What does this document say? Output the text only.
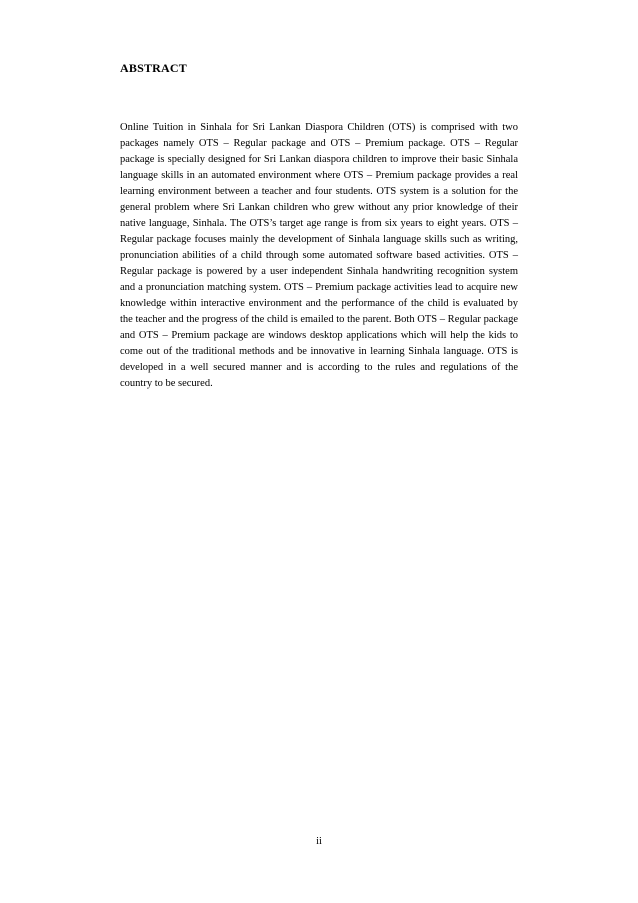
ABSTRACT

Online Tuition in Sinhala for Sri Lankan Diaspora Children (OTS) is comprised with two packages namely OTS – Regular package and OTS – Premium package. OTS – Regular package is specially designed for Sri Lankan diaspora children to improve their basic Sinhala language skills in an automated environment where OTS – Premium package provides a real learning environment between a teacher and four students. OTS system is a solution for the general problem where Sri Lankan children who grew without any prior knowledge of their native language, Sinhala. The OTS’s target age range is from six years to eight years. OTS – Regular package focuses mainly the development of Sinhala language skills such as writing, pronunciation abilities of a child through some automated software based activities. OTS – Regular package is powered by a user independent Sinhala handwriting recognition system and a pronunciation matching system. OTS – Premium package activities lead to acquire new knowledge within interactive environment and the performance of the child is evaluated by the teacher and the progress of the child is emailed to the parent. Both OTS – Regular package and OTS – Premium package are windows desktop applications which will help the kids to come out of the traditional methods and be innovative in learning Sinhala language. OTS is developed in a well secured manner and is according to the rules and regulations of the country to be secured.

ii
